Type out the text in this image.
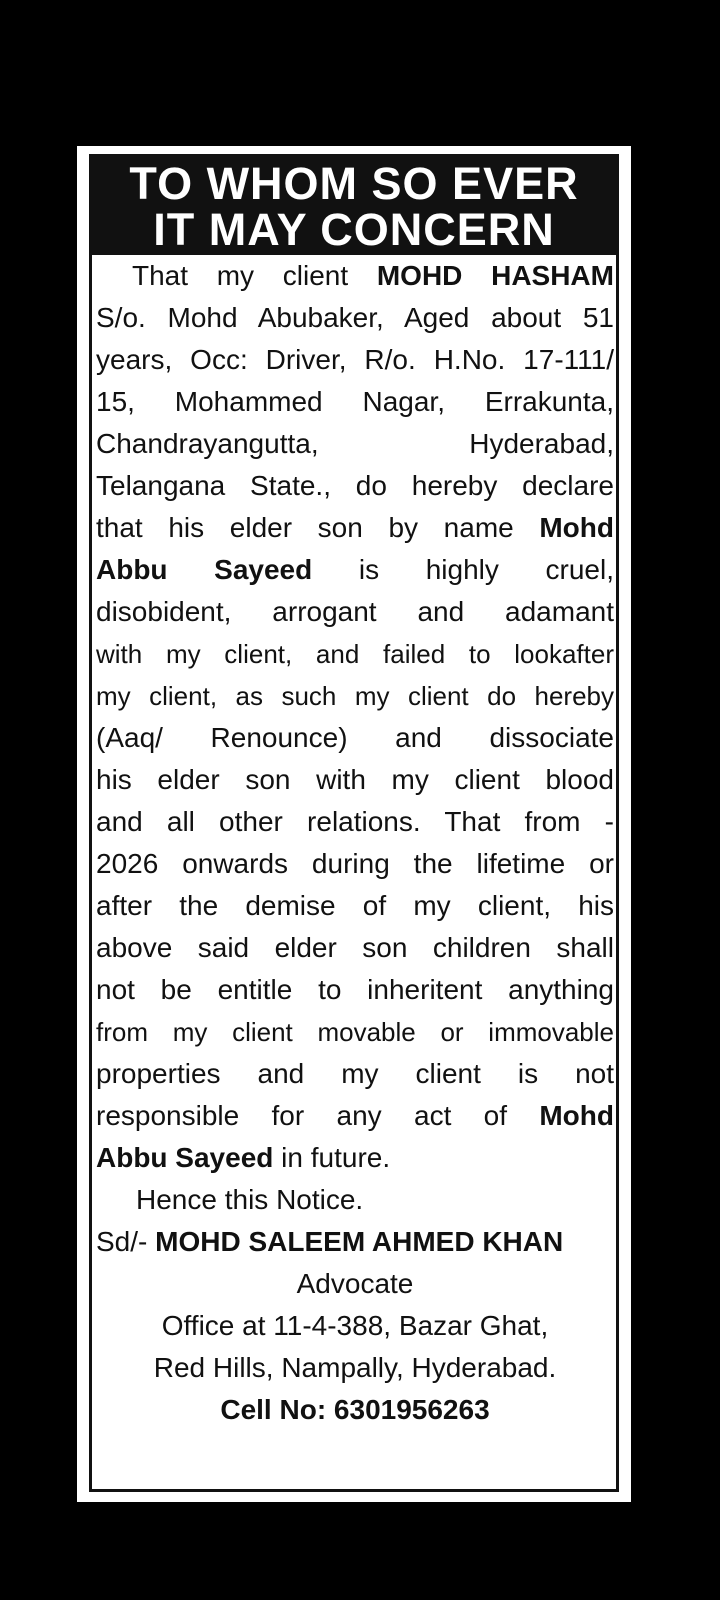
TO WHOM SO EVER
IT MAY CONCERN
That my client MOHD HASHAM
S/o. Mohd Abubaker, Aged about 51
years, Occ: Driver, R/o. H.No. 17-111/
15, Mohammed Nagar, Errakunta,
Chandrayangutta,	Hyderabad,
Telangana State., do hereby declare
that his elder son by name Mohd
Abbu Sayeed is highly cruel,
disobident, arrogant and adamant
with my client, and failed to lookafter
my client, as such my client do hereby
(Aaq/ Renounce) and dissociate
his elder son with my client blood
and all other relations. That from -
2026 onwards during the lifetime or
after the demise of my client, his
above said elder son children shall
not be entitle to inheritent anything
from my client movable or immovable
properties and my client is not
responsible for any act of Mohd
Abbu Sayeed in future.
Hence this Notice.
Sd/- MOHD SALEEM AHMED KHAN
Advocate
Office at 11-4-388, Bazar Ghat,
Red Hills, Nampally, Hyderabad.
Cell No: 6301956263
